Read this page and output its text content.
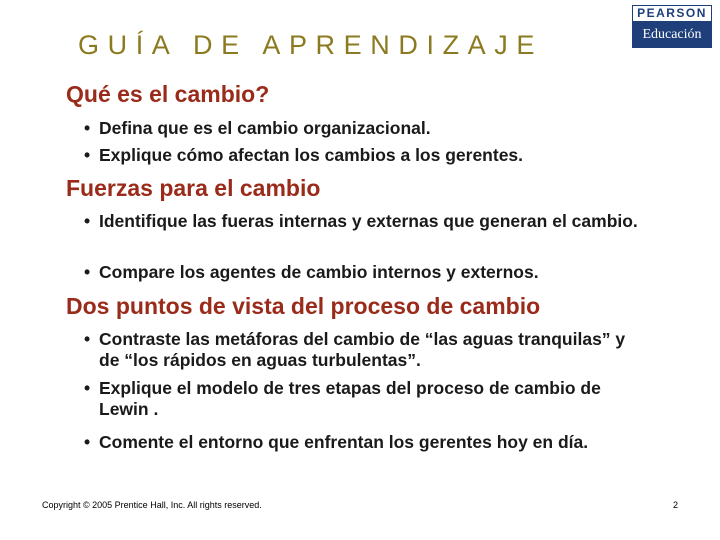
GUÍA DE APRENDIZAJE
PEARSON
Educación
Qué es el cambio?
• Defina que es el cambio organizacional.
• Explique cómo afectan los cambios a los gerentes.
Fuerzas para el cambio
• Identifique las fueras internas y externas que generan el cambio.
• Compare los agentes de cambio internos y externos.
Dos puntos de vista del proceso de cambio
• Contraste las metáforas del cambio de “las aguas tranquilas” y de “los rápidos en aguas turbulentas”.
• Explique el modelo de tres etapas del proceso de cambio de Lewin .
• Comente el entorno que enfrentan los gerentes hoy en día.
Copyright © 2005 Prentice Hall, Inc. All rights reserved.	2
